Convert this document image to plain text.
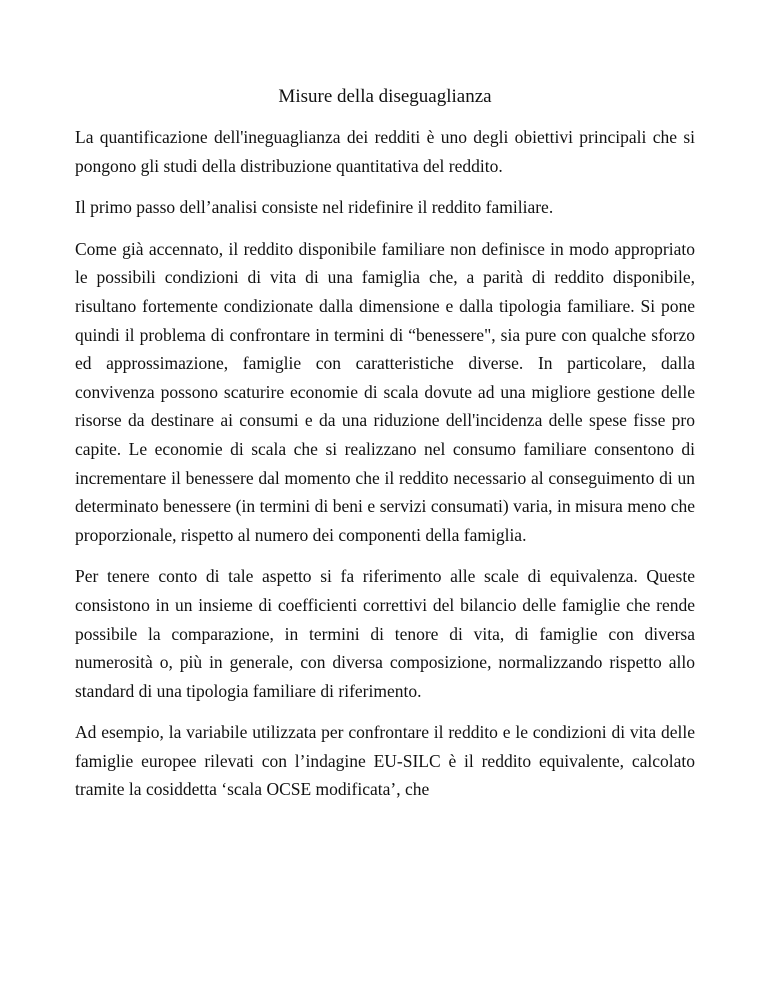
Misure della diseguaglianza

La quantificazione dell'ineguaglianza dei redditi è uno degli obiettivi principali che si pongono gli studi della distribuzione quantitativa del reddito.

Il primo passo dell’analisi consiste nel ridefinire il reddito familiare.

Come già accennato, il reddito disponibile familiare non definisce in modo appropriato le possibili condizioni di vita di una famiglia che, a parità di reddito disponibile, risultano fortemente condizionate dalla dimensione e dalla tipologia familiare. Si pone quindi il problema di confrontare in termini di “benessere", sia pure con qualche sforzo ed approssimazione, famiglie con caratteristiche diverse. In particolare, dalla convivenza possono scaturire economie di scala dovute ad una migliore gestione delle risorse da destinare ai consumi e da una riduzione dell'incidenza delle spese fisse pro capite. Le economie di scala che si realizzano nel consumo familiare consentono di incrementare il benessere dal momento che il reddito necessario al conseguimento di un determinato benessere (in termini di beni e servizi consumati) varia, in misura meno che proporzionale, rispetto al numero dei componenti della famiglia.

Per tenere conto di tale aspetto si fa riferimento alle scale di equivalenza. Queste consistono in un insieme di coefficienti correttivi del bilancio delle famiglie che rende possibile la comparazione, in termini di tenore di vita, di famiglie con diversa numerosità o, più in generale, con diversa composizione, normalizzando rispetto allo standard di una tipologia familiare di riferimento.

Ad esempio, la variabile utilizzata per confrontare il reddito e le condizioni di vita delle famiglie europee rilevati con l’indagine EU-SILC è il reddito equivalente, calcolato tramite la cosiddetta ‘scala OCSE modificata’, che
